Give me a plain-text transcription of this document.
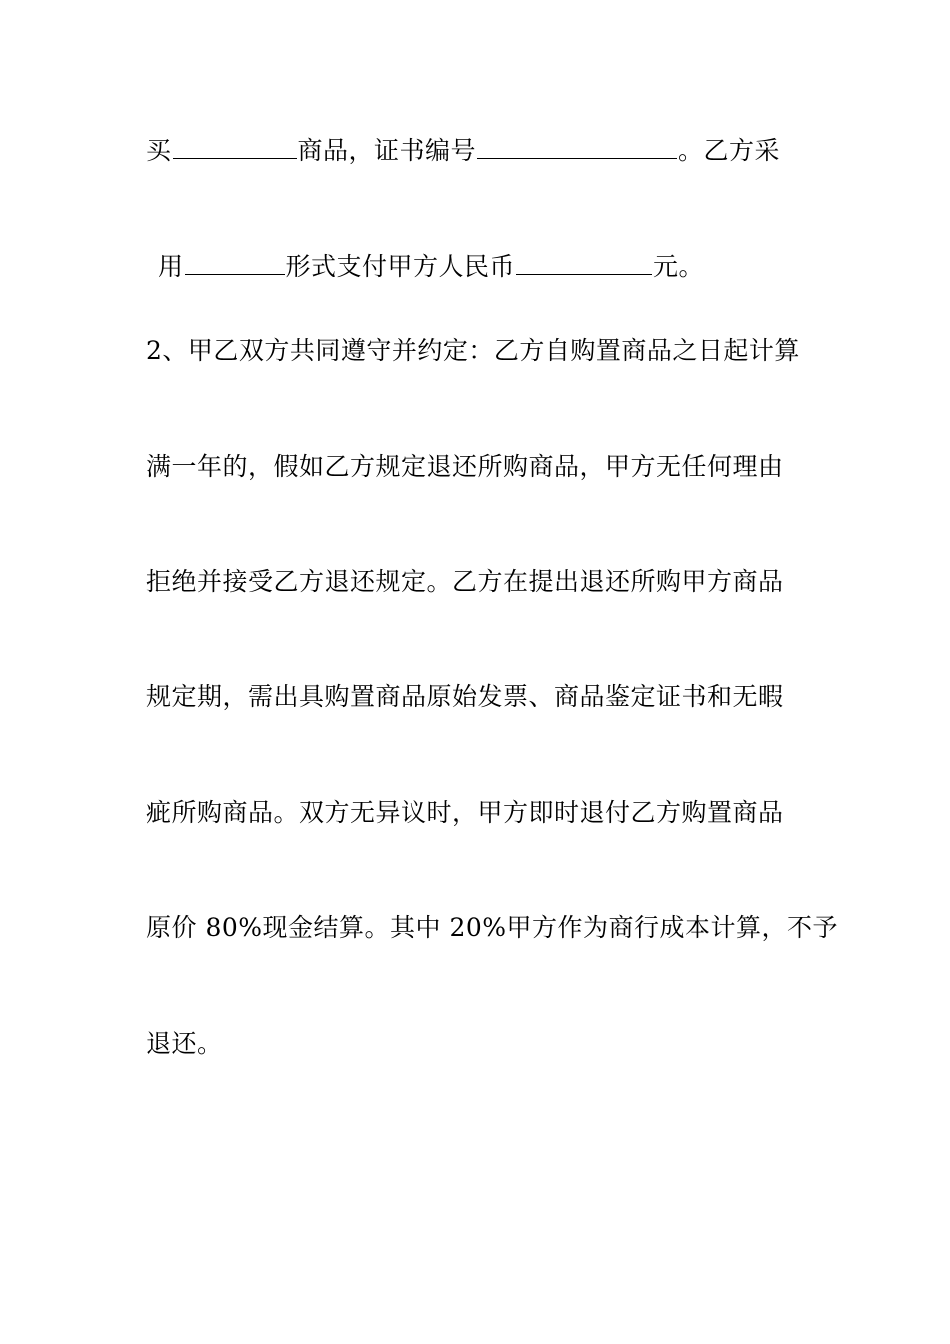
买	商品，证书编号	。乙方采
用	形式支付甲方人民币	元。
2、甲乙双方共同遵守并约定：乙方自购置商品之日起计算
满一年的，假如乙方规定退还所购商品，甲方无任何理由
拒绝并接受乙方退还规定。乙方在提出退还所购甲方商品
规定期，需出具购置商品原始发票、商品鉴定证书和无暇
疵所购商品。双方无异议时，甲方即时退付乙方购置商品
原价 80%现金结算。其中 20%甲方作为商行成本计算，不予
退还。
